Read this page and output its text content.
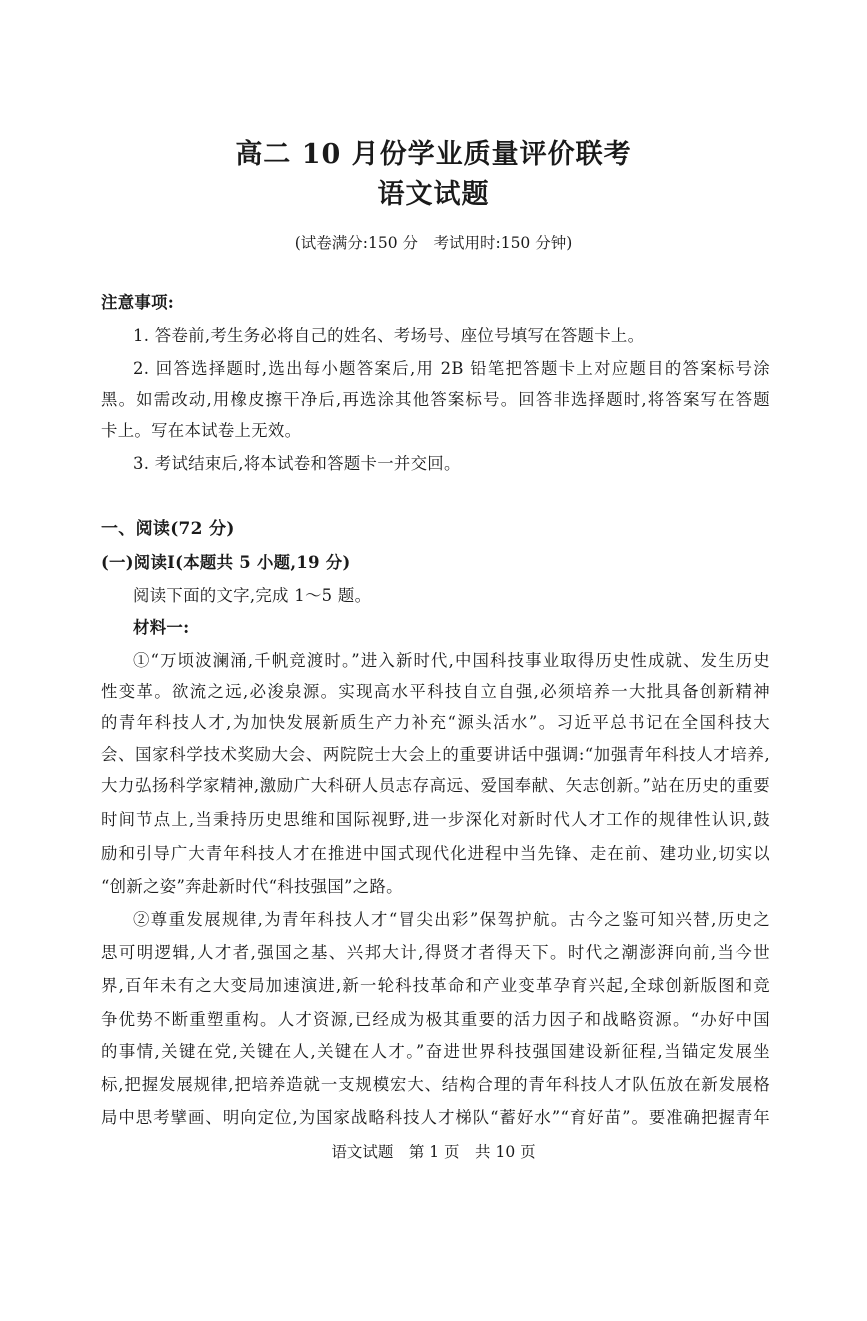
高二 10 月份学业质量评价联考
语文试题
(试卷满分:150 分　考试用时:150 分钟)
注意事项:
1. 答卷前,考生务必将自己的姓名、考场号、座位号填写在答题卡上。
2. 回答选择题时,选出每小题答案后,用 2B 铅笔把答题卡上对应题目的答案标号涂
黑。如需改动,用橡皮擦干净后,再选涂其他答案标号。回答非选择题时,将答案写在答题
卡上。写在本试卷上无效。
3. 考试结束后,将本试卷和答题卡一并交回。
一、阅读(72 分)
(一)阅读Ⅰ(本题共 5 小题,19 分)
阅读下面的文字,完成 1～5 题。
材料一:
①“万顷波澜涌,千帆竞渡时。”进入新时代,中国科技事业取得历史性成就、发生历史
性变革。欲流之远,必浚泉源。实现高水平科技自立自强,必须培养一大批具备创新精神
的青年科技人才,为加快发展新质生产力补充“源头活水”。习近平总书记在全国科技大
会、国家科学技术奖励大会、两院院士大会上的重要讲话中强调:“加强青年科技人才培养,
大力弘扬科学家精神,激励广大科研人员志存高远、爱国奉献、矢志创新。”站在历史的重要
时间节点上,当秉持历史思维和国际视野,进一步深化对新时代人才工作的规律性认识,鼓
励和引导广大青年科技人才在推进中国式现代化进程中当先锋、走在前、建功业,切实以
“创新之姿”奔赴新时代“科技强国”之路。
②尊重发展规律,为青年科技人才“冒尖出彩”保驾护航。古今之鉴可知兴替,历史之
思可明逻辑,人才者,强国之基、兴邦大计,得贤才者得天下。时代之潮澎湃向前,当今世
界,百年未有之大变局加速演进,新一轮科技革命和产业变革孕育兴起,全球创新版图和竞
争优势不断重塑重构。人才资源,已经成为极其重要的活力因子和战略资源。“办好中国
的事情,关键在党,关键在人,关键在人才。”奋进世界科技强国建设新征程,当锚定发展坐
标,把握发展规律,把培养造就一支规模宏大、结构合理的青年科技人才队伍放在新发展格
局中思考擘画、明向定位,为国家战略科技人才梯队“蓄好水”“育好苗”。要准确把握青年
语文试题　第 1 页　共 10 页
